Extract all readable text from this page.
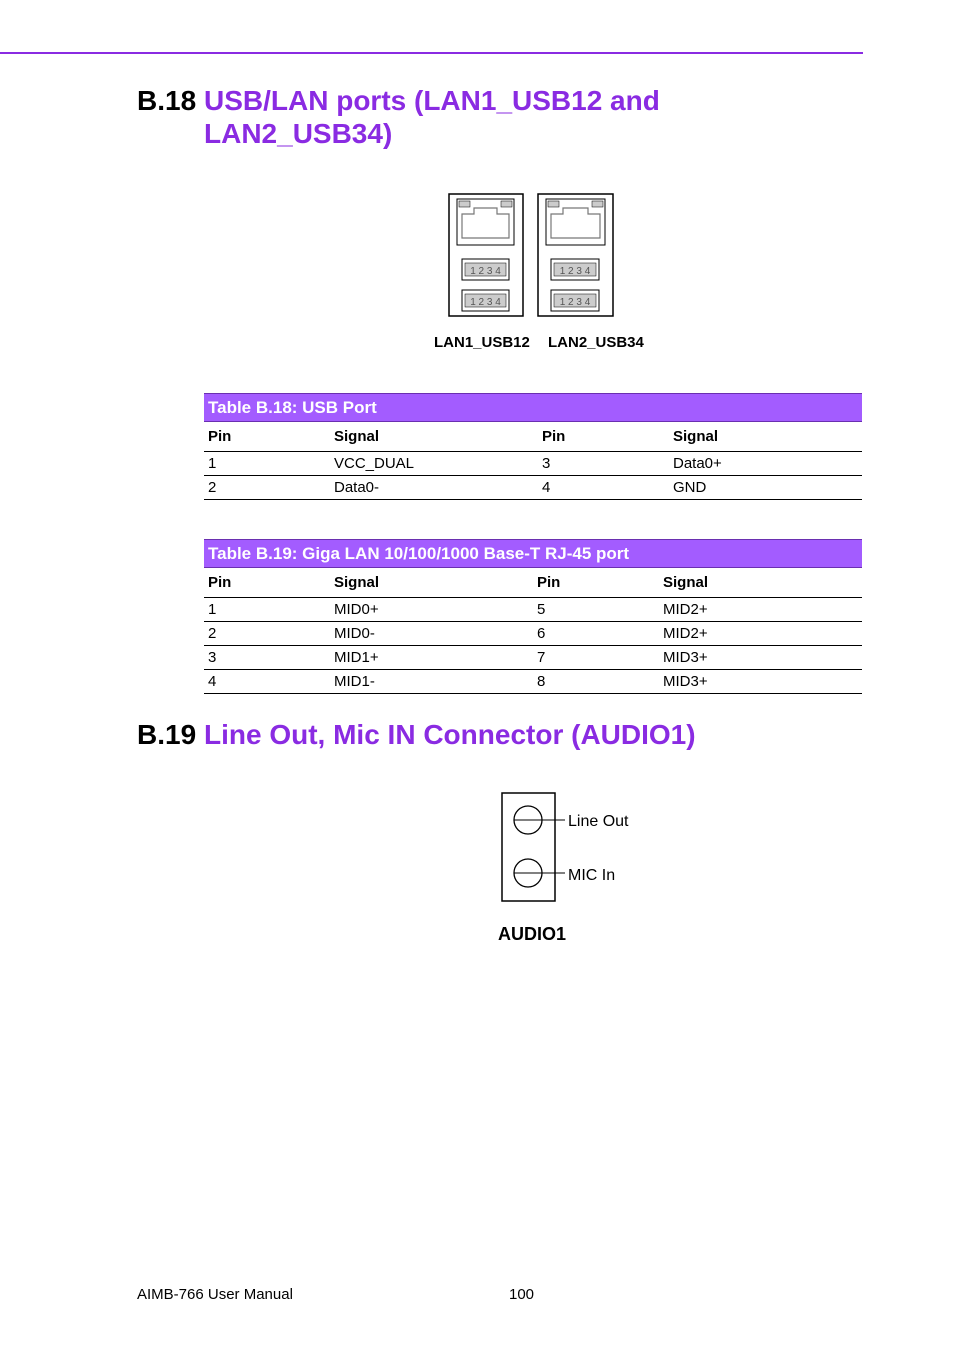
B.18 USB/LAN ports (LAN1_USB12 and
LAN2_USB34)
1 2 3 4
1 2 3 4
1 2 3 4
1 2 3 4
LAN1_USB12 LAN2_USB34
Table B.18: USB Port
Pin	Signal	Pin	Signal
1	VCC_DUAL	3	Data0+
2	Data0-	4	GND
Table B.19: Giga LAN 10/100/1000 Base-T RJ-45 port
Pin	Signal	Pin	Signal
1	MID0+	5	MID2+
2	MID0-	6	MID2+
3	MID1+	7	MID3+
4	MID1-	8	MID3+
B.19 Line Out, Mic IN Connector (AUDIO1)
Line Out
MIC In
AUDIO1
AIMB-766 User Manual	100
